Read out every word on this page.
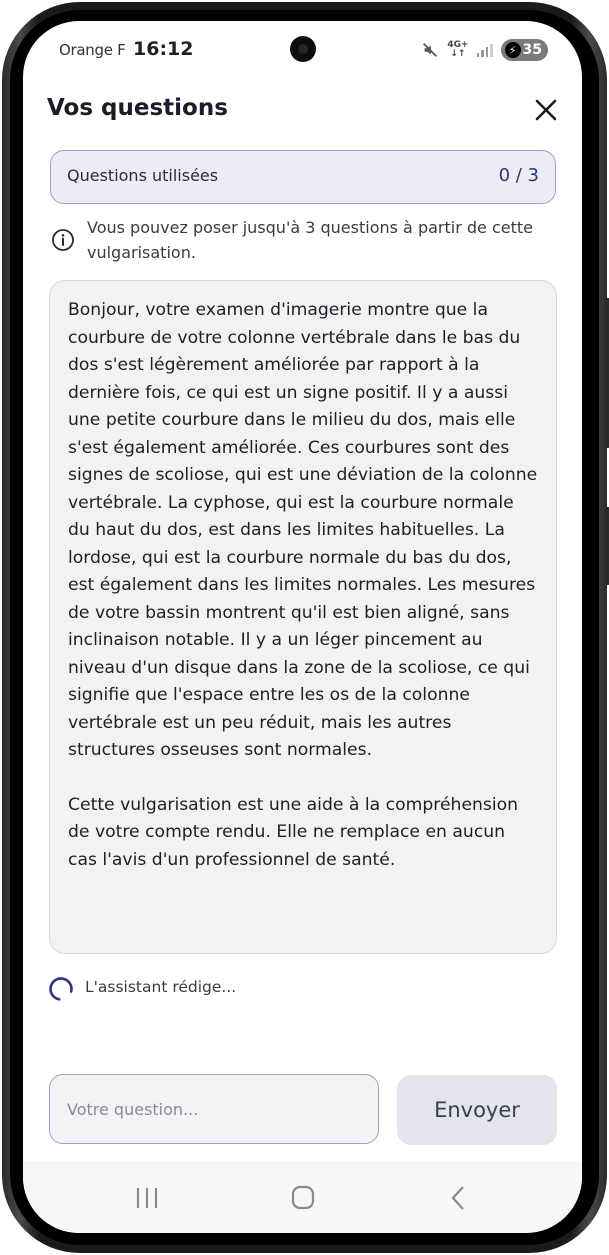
Orange F 16:12	4G+
↓↑	⚡ 35
Vos questions
Questions utilisées	0 / 3

Vous pouvez poser jusqu'à 3 questions à partir de cette vulgarisation.

Bonjour, votre examen d'imagerie montre que la courbure de votre colonne vertébrale dans le bas du dos s'est légèrement améliorée par rapport à la dernière fois, ce qui est un signe positif. Il y a aussi une petite courbure dans le milieu du dos, mais elle s'est également améliorée. Ces courbures sont des signes de scoliose, qui est une déviation de la colonne vertébrale. La cyphose, qui est la courbure normale du haut du dos, est dans les limites habituelles. La lordose, qui est la courbure normale du bas du dos, est également dans les limites normales. Les mesures de votre bassin montrent qu'il est bien aligné, sans inclinaison notable. Il y a un léger pincement au niveau d'un disque dans la zone de la scoliose, ce qui signifie que l'espace entre les os de la colonne vertébrale est un peu réduit, mais les autres structures osseuses sont normales.

Cette vulgarisation est une aide à la compréhension de votre compte rendu. Elle ne remplace en aucun cas l'avis d'un professionnel de santé.

L'assistant rédige...
Votre question...
Envoyer
